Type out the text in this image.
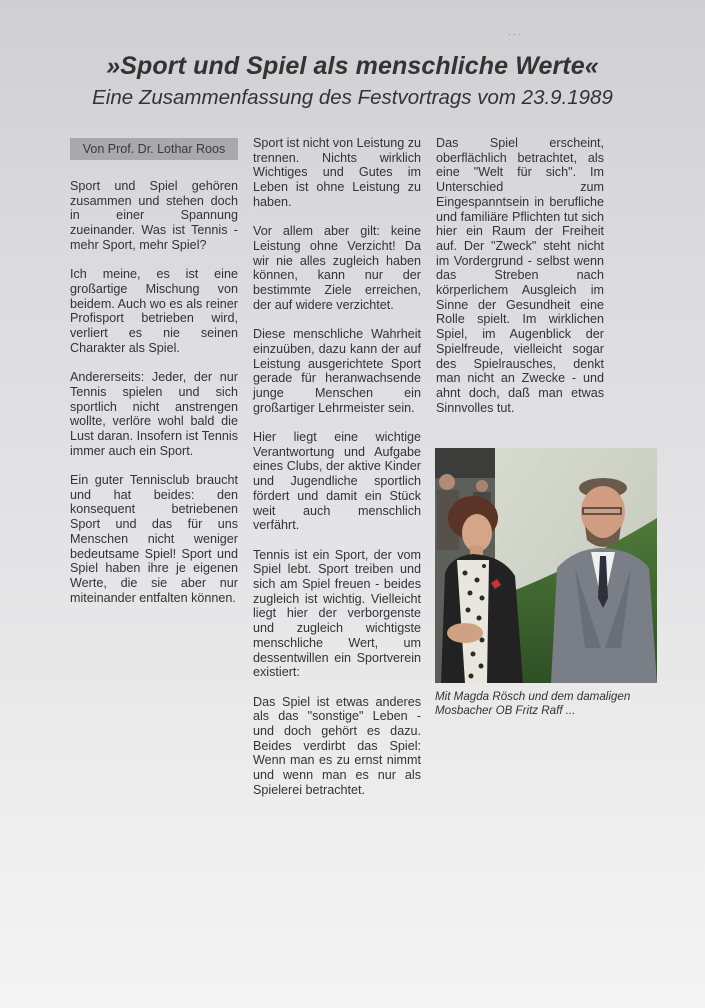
· · ·
»Sport und Spiel als menschliche Werte«
Eine Zusammenfassung des Festvortrags vom 23.9.1989
Von Prof. Dr. Lothar Roos

Sport und Spiel gehören zusammen und stehen doch in einer Spannung zueinander. Was ist Tennis - mehr Sport, mehr Spiel?

Ich meine, es ist eine großartige Mischung von beidem. Auch wo es als reiner Profisport betrieben wird, verliert es nie seinen Charakter als Spiel.

Andererseits: Jeder, der nur Tennis spielen und sich sportlich nicht anstrengen wollte, verlöre wohl bald die Lust daran. Insofern ist Tennis immer auch ein Sport.

Ein guter Tennisclub braucht und hat beides: den konsequent betriebenen Sport und das für uns Menschen nicht weniger bedeutsame Spiel! Sport und Spiel haben ihre je eigenen Werte, die sie aber nur miteinander entfalten können.

Sport ist nicht von Leistung zu trennen. Nichts wirklich Wichtiges und Gutes im Leben ist ohne Leistung zu haben.

Vor allem aber gilt: keine Leistung ohne Verzicht! Da wir nie alles zugleich haben können, kann nur der bestimmte Ziele erreichen, der auf widere verzichtet.

Diese menschliche Wahrheit einzuüben, dazu kann der auf Leistung ausgerichtete Sport gerade für heranwachsende junge Menschen ein großartiger Lehrmeister sein.

Hier liegt eine wichtige Verantwortung und Aufgabe eines Clubs, der aktive Kinder und Jugendliche sportlich fördert und damit ein Stück weit auch menschlich verfährt.

Tennis ist ein Sport, der vom Spiel lebt. Sport treiben und sich am Spiel freuen - beides zugleich ist wichtig. Vielleicht liegt hier der verborgenste und zugleich wichtigste menschliche Wert, um dessentwillen ein Sportverein existiert:

Das Spiel ist etwas anderes als das "sonstige" Leben - und doch gehört es dazu. Beides verdirbt das Spiel: Wenn man es zu ernst nimmt und wenn man es nur als Spielerei betrachtet.

Das Spiel erscheint, oberflächlich betrachtet, als eine "Welt für sich". Im Unterschied zum Eingespanntsein in berufliche und familiäre Pflichten tut sich hier ein Raum der Freiheit auf. Der "Zweck" steht nicht im Vordergrund - selbst wenn das Streben nach körperlichem Ausgleich im Sinne der Gesundheit eine Rolle spielt. Im wirklichen Spiel, im Augenblick der Spielfreude, vielleicht sogar des Spielrausches, denkt man nicht an Zwecke - und ahnt doch, daß man etwas Sinnvolles tut.

Mit Magda Rösch und dem damaligen Mosbacher OB Fritz Raff ...
